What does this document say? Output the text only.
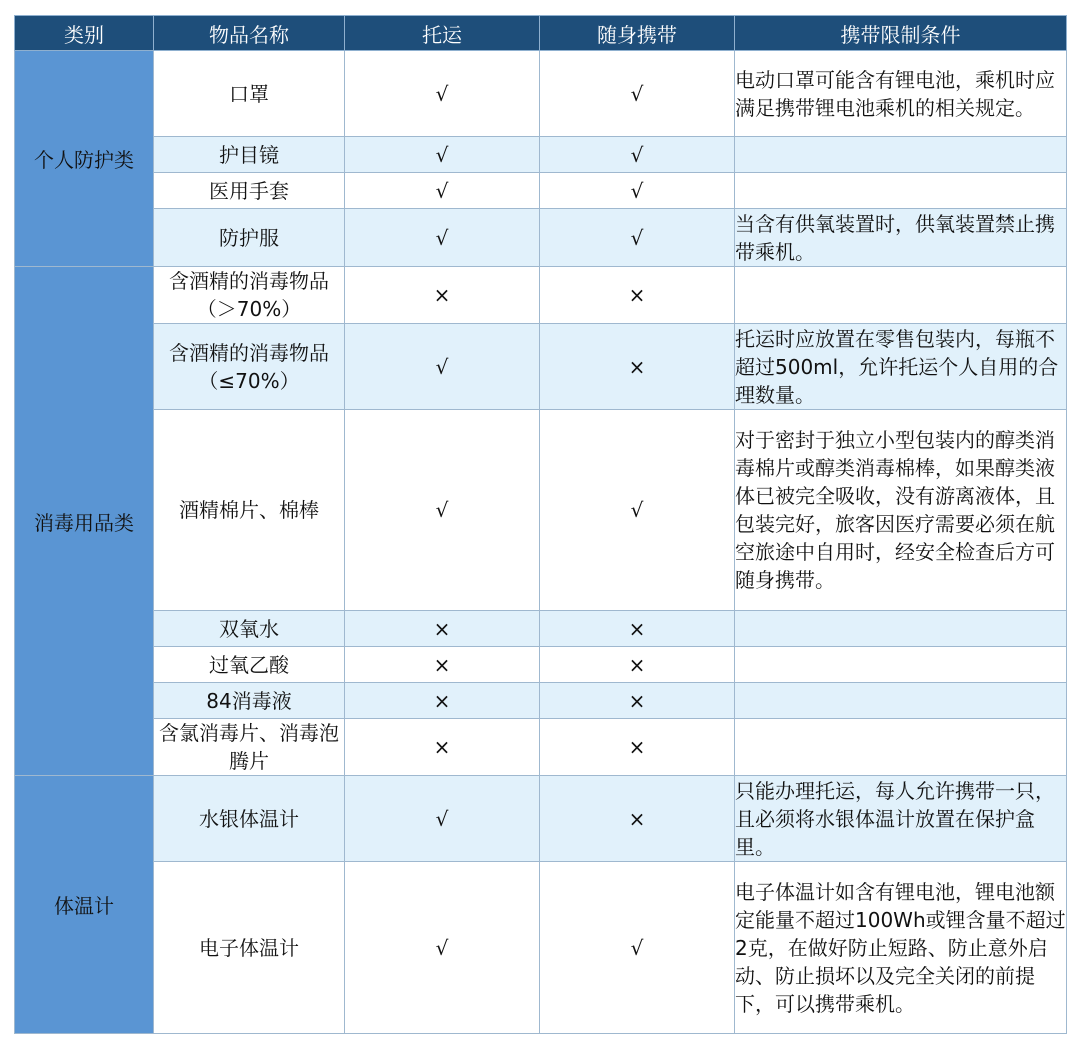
类别	物品名称	托运	随身携带	携带限制条件
个人防护类	口罩	√	√	电动口罩可能含有锂电池，乘机时应满足携带锂电池乘机的相关规定。
	护目镜	√	√	
	医用手套	√	√	
	防护服	√	√	当含有供氧装置时，供氧装置禁止携带乘机。
消毒用品类	含酒精的消毒物品（＞70%）	×	×	
	含酒精的消毒物品（≤70%）	√	×	托运时应放置在零售包装内，每瓶不超过500ml，允许托运个人自用的合理数量。
	酒精棉片、棉棒	√	√	对于密封于独立小型包装内的醇类消毒棉片或醇类消毒棉棒，如果醇类液体已被完全吸收，没有游离液体，且包装完好，旅客因医疗需要必须在航空旅途中自用时，经安全检查后方可随身携带。
	双氧水	×	×	
	过氧乙酸	×	×	
	84消毒液	×	×	
	含氯消毒片、消毒泡腾片	×	×	
体温计	水银体温计	√	×	只能办理托运，每人允许携带一只，且必须将水银体温计放置在保护盒里。
	电子体温计	√	√	电子体温计如含有锂电池，锂电池额定能量不超过100Wh或锂含量不超过2克，在做好防止短路、防止意外启动、防止损坏以及完全关闭的前提下，可以携带乘机。
